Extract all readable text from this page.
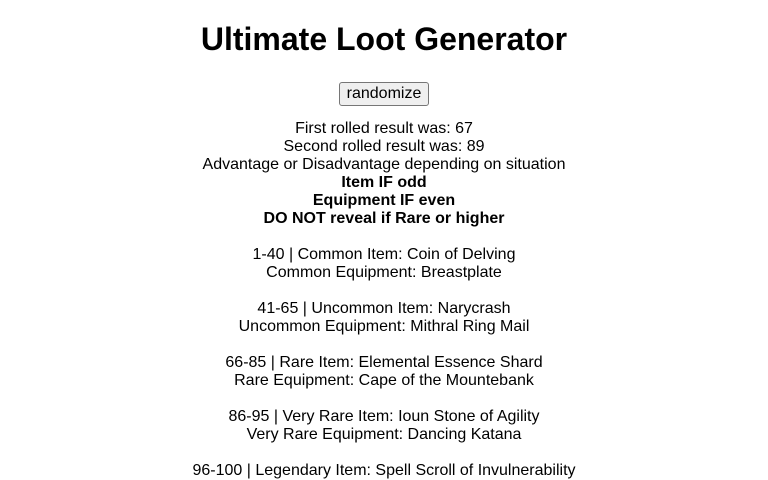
Ultimate Loot Generator
randomize
First rolled result was: 67
Second rolled result was: 89
Advantage or Disadvantage depending on situation
Item IF odd
Equipment IF even
DO NOT reveal if Rare or higher
1-40 | Common Item: Coin of Delving
Common Equipment: Breastplate
41-65 | Uncommon Item: Narycrash
Uncommon Equipment: Mithral Ring Mail
66-85 | Rare Item: Elemental Essence Shard
Rare Equipment: Cape of the Mountebank
86-95 | Very Rare Item: Ioun Stone of Agility
Very Rare Equipment: Dancing Katana
96-100 | Legendary Item: Spell Scroll of Invulnerability
